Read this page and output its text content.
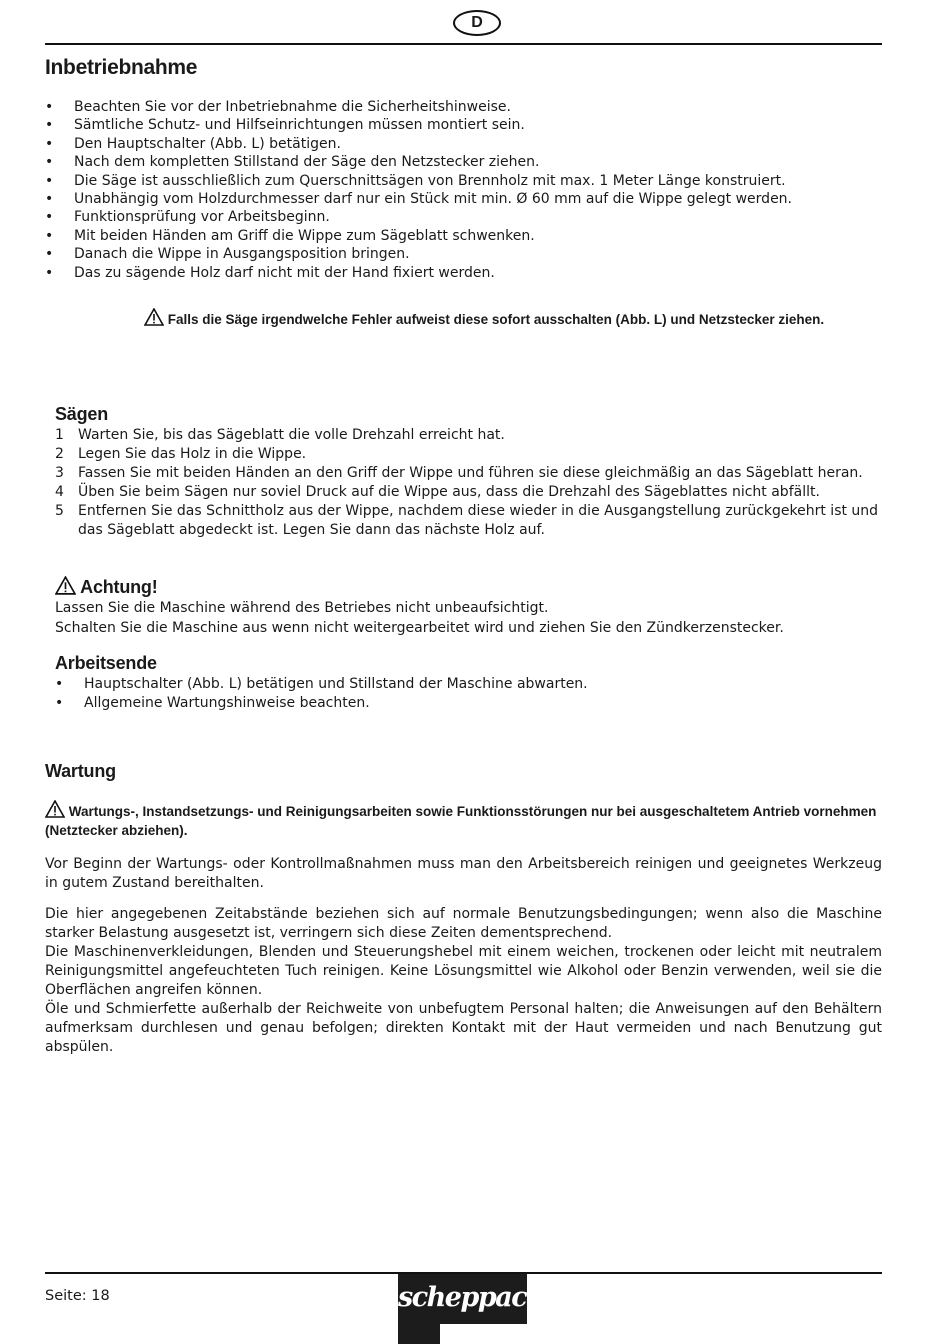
D
Inbetriebnahme
• Beachten Sie vor der Inbetriebnahme die Sicherheitshinweise.
• Sämtliche Schutz- und Hilfseinrichtungen müssen montiert sein.
• Den Hauptschalter (Abb. L) betätigen.
• Nach dem kompletten Stillstand der Säge den Netzstecker ziehen.
• Die Säge ist ausschließlich zum Querschnittsägen von Brennholz mit max. 1 Meter Länge konstruiert.
• Unabhängig vom Holzdurchmesser darf nur ein Stück mit min. Ø 60 mm auf die Wippe gelegt werden.
• Funktionsprüfung vor Arbeitsbeginn.
• Mit beiden Händen am Griff die Wippe zum Sägeblatt schwenken.
• Danach die Wippe in Ausgangsposition bringen.
• Das zu sägende Holz darf nicht mit der Hand fixiert werden.
Falls die Säge irgendwelche Fehler aufweist diese sofort ausschalten (Abb. L) und Netzstecker ziehen.
Sägen
1 Warten Sie, bis das Sägeblatt die volle Drehzahl erreicht hat.
2 Legen Sie das Holz in die Wippe.
3 Fassen Sie mit beiden Händen an den Griff der Wippe und führen sie diese gleichmäßig an das Sägeblatt heran.
4 Üben Sie beim Sägen nur soviel Druck auf die Wippe aus, dass die Drehzahl des Sägeblattes nicht abfällt.
5 Entfernen Sie das Schnittholz aus der Wippe, nachdem diese wieder in die Ausgangstellung zurückgekehrt ist und das Sägeblatt abgedeckt ist. Legen Sie dann das nächste Holz auf.
Achtung!
Lassen Sie die Maschine während des Betriebes nicht unbeaufsichtigt.
Schalten Sie die Maschine aus wenn nicht weitergearbeitet wird und ziehen Sie den Zündkerzenstecker.
Arbeitsende
• Hauptschalter (Abb. L) betätigen und Stillstand der Maschine abwarten.
• Allgemeine Wartungshinweise beachten.
Wartung
Wartungs-, Instandsetzungs- und Reinigungsarbeiten sowie Funktionsstörungen nur bei ausgeschaltetem Antrieb vornehmen (Netztecker abziehen).
Vor Beginn der Wartungs- oder Kontrollmaßnahmen muss man den Arbeitsbereich reinigen und geeignetes Werkzeug in gutem Zustand bereithalten.
Die hier angegebenen Zeitabstände beziehen sich auf normale Benutzungsbedingungen; wenn also die Maschine starker Belastung ausgesetzt ist, verringern sich diese Zeiten dementsprechend.
Die Maschinenverkleidungen, Blenden und Steuerungshebel mit einem weichen, trockenen oder leicht mit neutralem Reinigungsmittel angefeuchteten Tuch reinigen. Keine Lösungsmittel wie Alkohol oder Benzin verwenden, weil sie die Oberflächen angreifen können.
Öle und Schmierfette außerhalb der Reichweite von unbefugtem Personal halten; die Anweisungen auf den Behältern aufmerksam durchlesen und genau befolgen; direkten Kontakt mit der Haut vermeiden und nach Benutzung gut abspülen.
Seite: 18	scheppach
